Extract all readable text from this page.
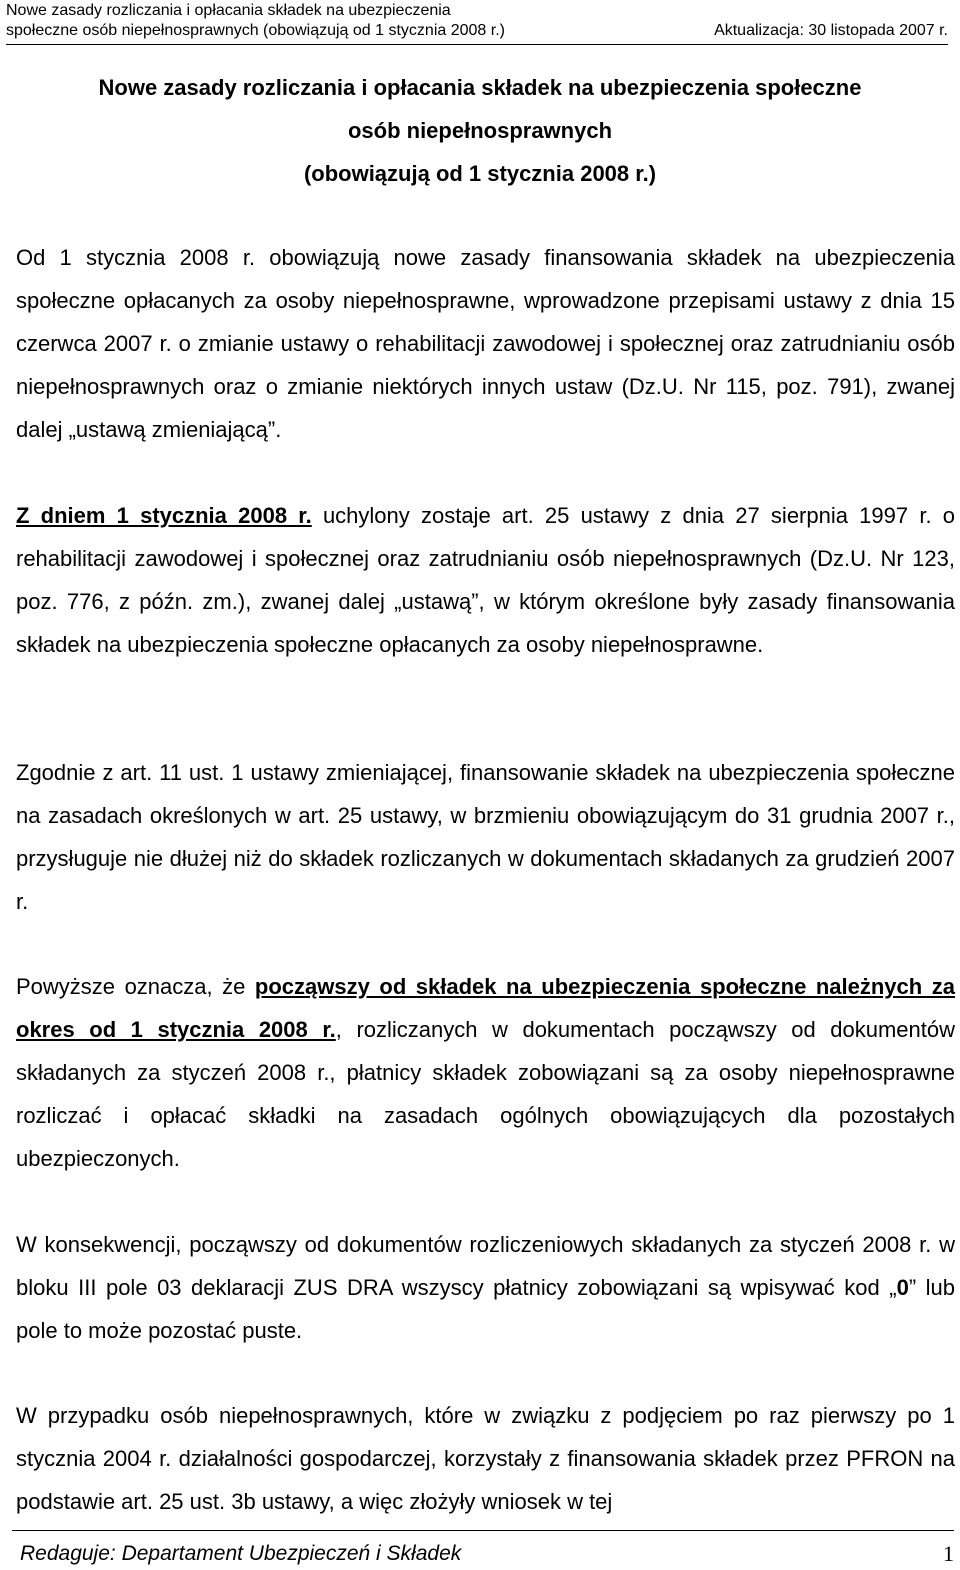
Nowe zasady rozliczania i opłacania składek na ubezpieczenia
społeczne osób niepełnosprawnych (obowiązują od 1 stycznia 2008 r.)	Aktualizacja: 30 listopada 2007 r.
Nowe zasady rozliczania i opłacania składek na ubezpieczenia społeczne
osób niepełnosprawnych
(obowiązują od 1 stycznia 2008 r.)
Od 1 stycznia 2008 r. obowiązują nowe zasady finansowania składek na ubezpieczenia społeczne opłacanych za osoby niepełnosprawne, wprowadzone przepisami ustawy z dnia 15 czerwca 2007 r. o zmianie ustawy o rehabilitacji zawodowej i społecznej oraz zatrudnianiu osób niepełnosprawnych oraz o zmianie niektórych innych ustaw (Dz.U. Nr 115, poz. 791), zwanej dalej „ustawą zmieniającą”.
Z dniem 1 stycznia 2008 r. uchylony zostaje art. 25 ustawy z dnia 27 sierpnia 1997 r. o rehabilitacji zawodowej i społecznej oraz zatrudnianiu osób niepełnosprawnych (Dz.U. Nr 123, poz. 776, z późn. zm.), zwanej dalej „ustawą”, w którym określone były zasady finansowania składek na ubezpieczenia społeczne opłacanych za osoby niepełnosprawne.
Zgodnie z art. 11 ust. 1 ustawy zmieniającej, finansowanie składek na ubezpieczenia społeczne na zasadach określonych w art. 25 ustawy, w brzmieniu obowiązującym do 31 grudnia 2007 r., przysługuje nie dłużej niż do składek rozliczanych w dokumentach składanych za grudzień 2007 r.
Powyższe oznacza, że począwszy od składek na ubezpieczenia społeczne należnych za okres od 1 stycznia 2008 r., rozliczanych w dokumentach począwszy od dokumentów składanych za styczeń 2008 r., płatnicy składek zobowiązani są za osoby niepełnosprawne rozliczać i opłacać składki na zasadach ogólnych obowiązujących dla pozostałych ubezpieczonych.
W konsekwencji, począwszy od dokumentów rozliczeniowych składanych za styczeń 2008 r. w bloku III pole 03 deklaracji ZUS DRA wszyscy płatnicy zobowiązani są wpisywać kod „0” lub pole to może pozostać puste.
W przypadku osób niepełnosprawnych, które w związku z podjęciem po raz pierwszy po 1 stycznia 2004 r. działalności gospodarczej, korzystały z finansowania składek przez PFRON na podstawie art. 25 ust. 3b ustawy, a więc złożyły wniosek w tej
Redaguje: Departament Ubezpieczeń i Składek	1
